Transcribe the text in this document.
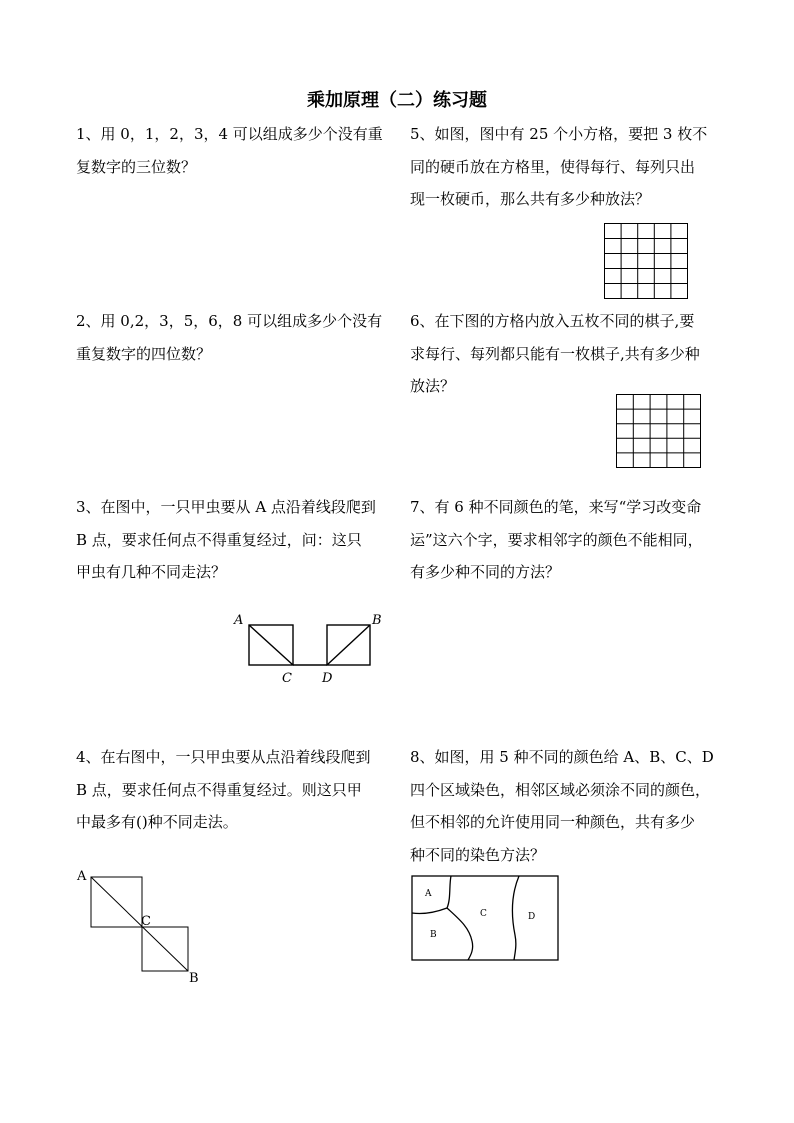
乘加原理（二）练习题

1、用 0，1，2，3，4 可以组成多少个没有重

复数字的三位数？

2、用 0,2，3，5，6，8 可以组成多少个没有

重复数字的四位数？

3、在图中，一只甲虫要从 A 点沿着线段爬到

B 点，要求任何点不得重复经过，问：这只

甲虫有几种不同走法？

4、在右图中，一只甲虫要从点沿着线段爬到

B 点，要求任何点不得重复经过。则这只甲

中最多有()种不同走法。

5、如图，图中有 25 个小方格，要把 3 枚不

同的硬币放在方格里，使得每行、每列只出

现一枚硬币，那么共有多少种放法？

6、在下图的方格内放入五枚不同的棋子,要

求每行、每列都只能有一枚棋子,共有多少种

放法？

7、有 6 种不同颜色的笔，来写“学习改变命

运”这六个字，要求相邻字的颜色不能相同，

有多少种不同的方法？

8、如图，用 5 种不同的颜色给 A、B、C、D

四个区域染色，相邻区域必须涂不同的颜色，

但不相邻的允许使用同一种颜色，共有多少

种不同的染色方法？

A	B
C D
A
C
B
A
B
C	D
